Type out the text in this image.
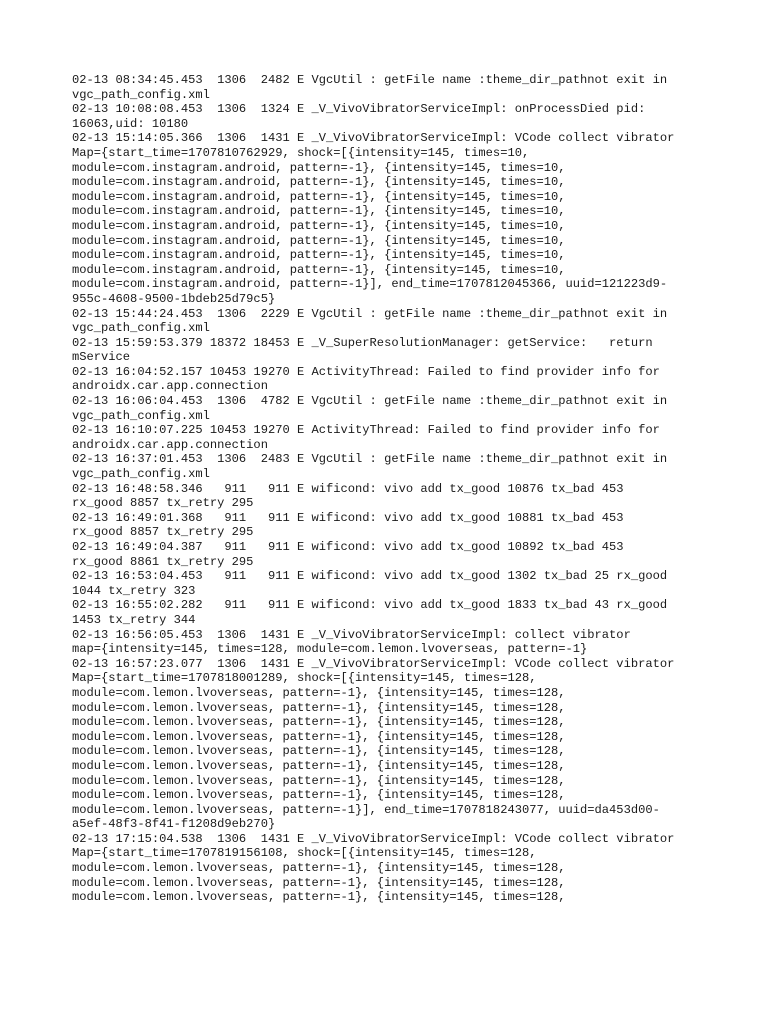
02-13 08:34:45.453  1306  2482 E VgcUtil : getFile name :theme_dir_pathnot exit in

vgc_path_config.xml

02-13 10:08:08.453  1306  1324 E _V_VivoVibratorServiceImpl: onProcessDied pid:

16063,uid: 10180

02-13 15:14:05.366  1306  1431 E _V_VivoVibratorServiceImpl: VCode collect vibrator

Map={start_time=1707810762929, shock=[{intensity=145, times=10,

module=com.instagram.android, pattern=-1}, {intensity=145, times=10,

module=com.instagram.android, pattern=-1}, {intensity=145, times=10,

module=com.instagram.android, pattern=-1}, {intensity=145, times=10,

module=com.instagram.android, pattern=-1}, {intensity=145, times=10,

module=com.instagram.android, pattern=-1}, {intensity=145, times=10,

module=com.instagram.android, pattern=-1}, {intensity=145, times=10,

module=com.instagram.android, pattern=-1}, {intensity=145, times=10,

module=com.instagram.android, pattern=-1}, {intensity=145, times=10,

module=com.instagram.android, pattern=-1}], end_time=1707812045366, uuid=121223d9-

955c-4608-9500-1bdeb25d79c5}

02-13 15:44:24.453  1306  2229 E VgcUtil : getFile name :theme_dir_pathnot exit in

vgc_path_config.xml

02-13 15:59:53.379 18372 18453 E _V_SuperResolutionManager: getService:   return

mService

02-13 16:04:52.157 10453 19270 E ActivityThread: Failed to find provider info for

androidx.car.app.connection

02-13 16:06:04.453  1306  4782 E VgcUtil : getFile name :theme_dir_pathnot exit in

vgc_path_config.xml

02-13 16:10:07.225 10453 19270 E ActivityThread: Failed to find provider info for

androidx.car.app.connection

02-13 16:37:01.453  1306  2483 E VgcUtil : getFile name :theme_dir_pathnot exit in

vgc_path_config.xml

02-13 16:48:58.346   911   911 E wificond: vivo add tx_good 10876 tx_bad 453

rx_good 8857 tx_retry 295

02-13 16:49:01.368   911   911 E wificond: vivo add tx_good 10881 tx_bad 453

rx_good 8857 tx_retry 295

02-13 16:49:04.387   911   911 E wificond: vivo add tx_good 10892 tx_bad 453

rx_good 8861 tx_retry 295

02-13 16:53:04.453   911   911 E wificond: vivo add tx_good 1302 tx_bad 25 rx_good

1044 tx_retry 323

02-13 16:55:02.282   911   911 E wificond: vivo add tx_good 1833 tx_bad 43 rx_good

1453 tx_retry 344

02-13 16:56:05.453  1306  1431 E _V_VivoVibratorServiceImpl: collect vibrator

map={intensity=145, times=128, module=com.lemon.lvoverseas, pattern=-1}

02-13 16:57:23.077  1306  1431 E _V_VivoVibratorServiceImpl: VCode collect vibrator

Map={start_time=1707818001289, shock=[{intensity=145, times=128,

module=com.lemon.lvoverseas, pattern=-1}, {intensity=145, times=128,

module=com.lemon.lvoverseas, pattern=-1}, {intensity=145, times=128,

module=com.lemon.lvoverseas, pattern=-1}, {intensity=145, times=128,

module=com.lemon.lvoverseas, pattern=-1}, {intensity=145, times=128,

module=com.lemon.lvoverseas, pattern=-1}, {intensity=145, times=128,

module=com.lemon.lvoverseas, pattern=-1}, {intensity=145, times=128,

module=com.lemon.lvoverseas, pattern=-1}, {intensity=145, times=128,

module=com.lemon.lvoverseas, pattern=-1}, {intensity=145, times=128,

module=com.lemon.lvoverseas, pattern=-1}], end_time=1707818243077, uuid=da453d00-

a5ef-48f3-8f41-f1208d9eb270}

02-13 17:15:04.538  1306  1431 E _V_VivoVibratorServiceImpl: VCode collect vibrator

Map={start_time=1707819156108, shock=[{intensity=145, times=128,

module=com.lemon.lvoverseas, pattern=-1}, {intensity=145, times=128,

module=com.lemon.lvoverseas, pattern=-1}, {intensity=145, times=128,

module=com.lemon.lvoverseas, pattern=-1}, {intensity=145, times=128,
